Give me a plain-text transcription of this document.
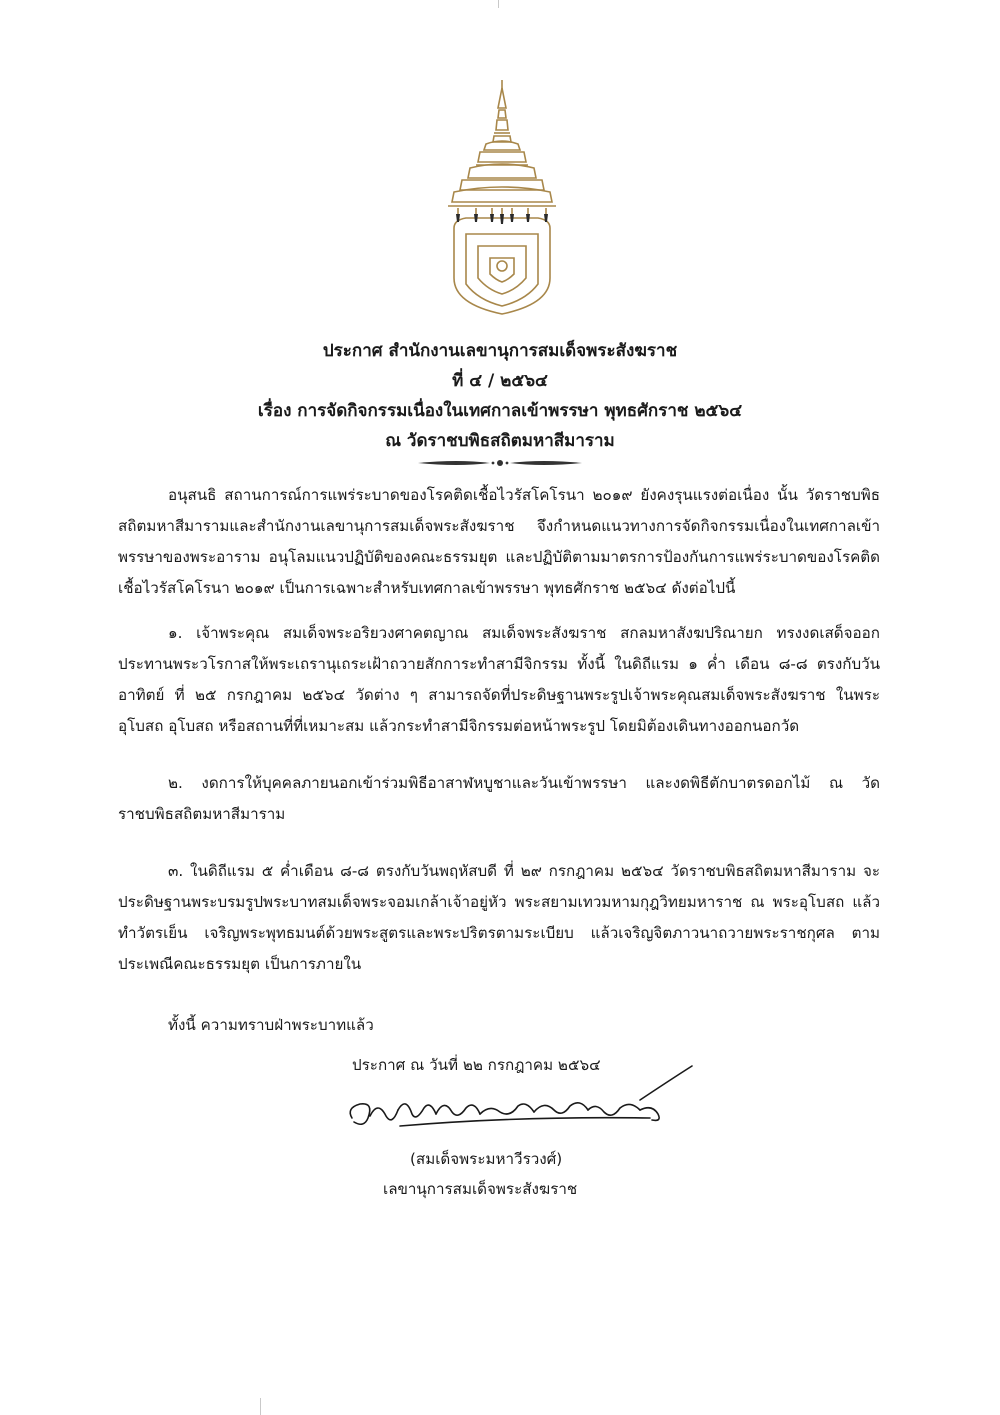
ประกาศ สำนักงานเลขานุการสมเด็จพระสังฆราช
ที่ ๔ / ๒๕๖๔
เรื่อง การจัดกิจกรรมเนื่องในเทศกาลเข้าพรรษา พุทธศักราช ๒๕๖๔
ณ วัดราชบพิธสถิตมหาสีมาราม

อนุสนธิ สถานการณ์การแพร่ระบาดของโรคติดเชื้อไวรัสโคโรนา ๒๐๑๙ ยังคงรุนแรงต่อเนื่อง นั้น วัดราชบพิธสถิตมหาสีมารามและสำนักงานเลขานุการสมเด็จพระสังฆราช จึงกำหนดแนวทางการจัดกิจกรรมเนื่องในเทศกาลเข้าพรรษาของพระอาราม อนุโลมแนวปฏิบัติของคณะธรรมยุต และปฏิบัติตามมาตรการป้องกันการแพร่ระบาดของโรคติดเชื้อไวรัสโคโรนา ๒๐๑๙ เป็นการเฉพาะสำหรับเทศกาลเข้าพรรษา พุทธศักราช ๒๕๖๔ ดังต่อไปนี้

๑. เจ้าพระคุณ สมเด็จพระอริยวงศาคตญาณ สมเด็จพระสังฆราช สกลมหาสังฆปริณายก ทรงงดเสด็จออกประทานพระวโรกาสให้พระเถรานุเถระเฝ้าถวายสักการะทำสามีจิกรรม ทั้งนี้ ในดิถีแรม ๑ ค่ำ เดือน ๘-๘ ตรงกับวันอาทิตย์ ที่ ๒๕ กรกฎาคม ๒๕๖๔ วัดต่าง ๆ สามารถจัดที่ประดิษฐานพระรูปเจ้าพระคุณสมเด็จพระสังฆราช ในพระอุโบสถ อุโบสถ หรือสถานที่ที่เหมาะสม แล้วกระทำสามีจิกรรมต่อหน้าพระรูป โดยมิต้องเดินทางออกนอกวัด

๒. งดการให้บุคคลภายนอกเข้าร่วมพิธีอาสาฬหบูชาและวันเข้าพรรษา และงดพิธีตักบาตรดอกไม้ ณ วัดราชบพิธสถิตมหาสีมาราม

๓. ในดิถีแรม ๕ ค่ำเดือน ๘-๘ ตรงกับวันพฤหัสบดี ที่ ๒๙ กรกฎาคม ๒๕๖๔ วัดราชบพิธสถิตมหาสีมาราม จะประดิษฐานพระบรมรูปพระบาทสมเด็จพระจอมเกล้าเจ้าอยู่หัว พระสยามเทวมหามกุฎวิทยมหาราช ณ พระอุโบสถ แล้วทำวัตรเย็น เจริญพระพุทธมนต์ด้วยพระสูตรและพระปริตรตามระเบียบ แล้วเจริญจิตภาวนาถวายพระราชกุศล ตามประเพณีคณะธรรมยุต เป็นการภายใน

ทั้งนี้ ความทราบฝ่าพระบาทแล้ว
ประกาศ ณ วันที่ ๒๒ กรกฎาคม ๒๕๖๔
(สมเด็จพระมหาวีรวงศ์)
เลขานุการสมเด็จพระสังฆราช
